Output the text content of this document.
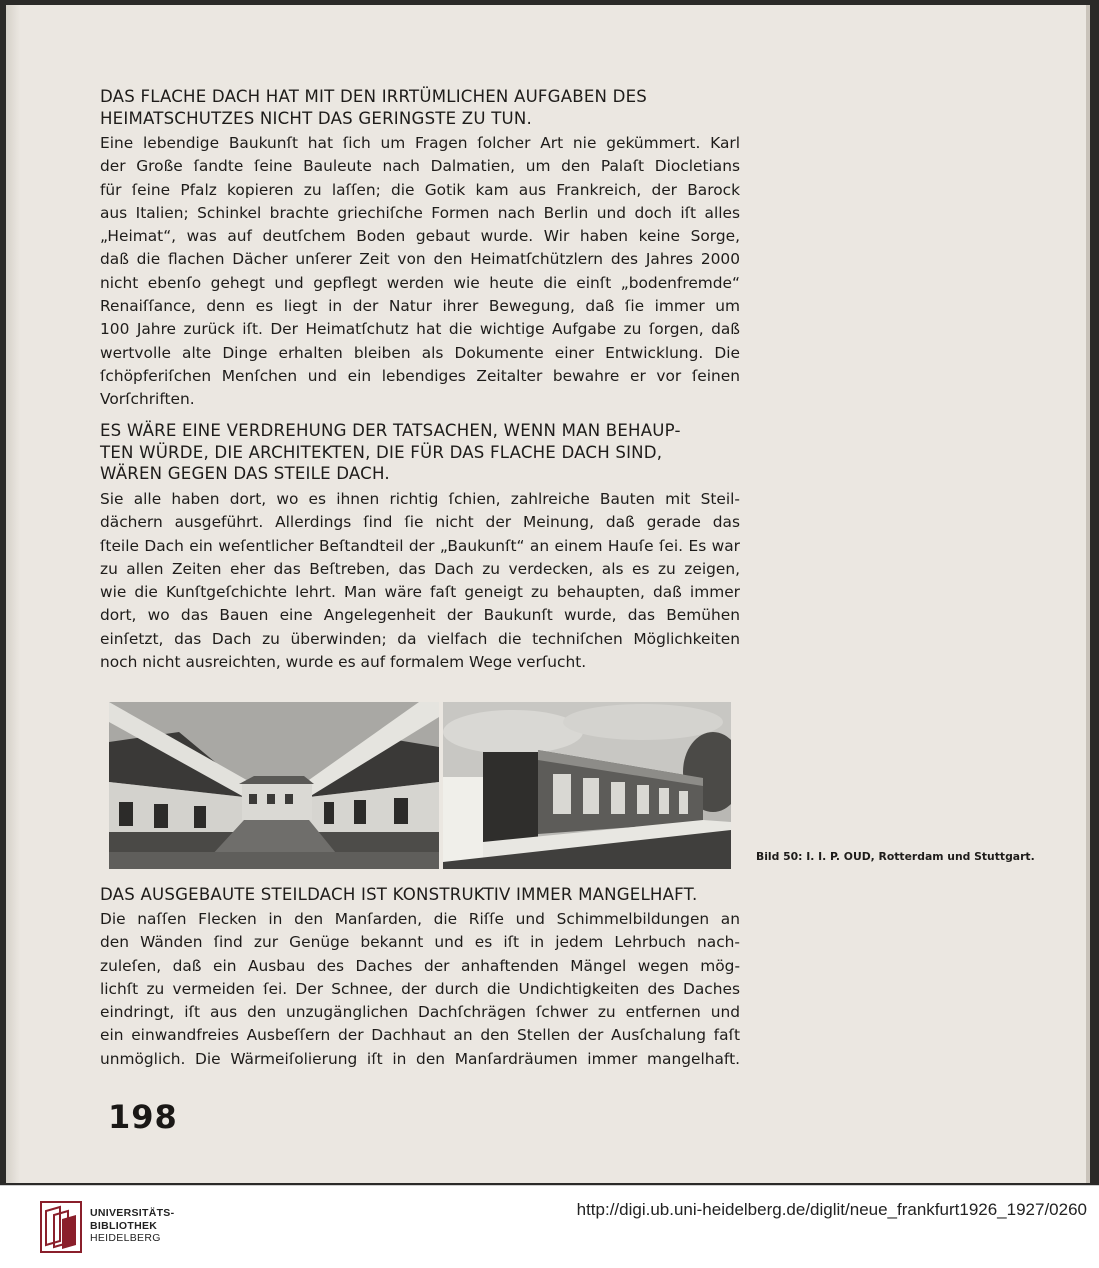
DAS FLACHE DACH HAT MIT DEN IRRTÜMLICHEN AUFGABEN DES
HEIMATSCHUTZES NICHT DAS GERINGSTE ZU TUN.
Eine lebendige Baukunſt hat ſich um Fragen ſolcher Art nie gekümmert. Karl
der Große ſandte ſeine Bauleute nach Dalmatien, um den Palaſt Diocletians
für ſeine Pfalz kopieren zu laſſen; die Gotik kam aus Frankreich, der Barock
aus Italien; Schinkel brachte griechiſche Formen nach Berlin und doch iſt alles
„Heimat“, was auf deutſchem Boden gebaut wurde. Wir haben keine Sorge,
daß die flachen Dächer unſerer Zeit von den Heimatſchützlern des Jahres 2000
nicht ebenſo gehegt und gepflegt werden wie heute die einſt „bodenfremde“
Renaiſſance, denn es liegt in der Natur ihrer Bewegung, daß ſie immer um
100 Jahre zurück iſt. Der Heimatſchutz hat die wichtige Aufgabe zu ſorgen, daß
wertvolle alte Dinge erhalten bleiben als Dokumente einer Entwicklung. Die
ſchöpferiſchen Menſchen und ein lebendiges Zeitalter bewahre er vor ſeinen
Vorſchriften.
ES WÄRE EINE VERDREHUNG DER TATSACHEN, WENN MAN BEHAUP-
TEN WÜRDE, DIE ARCHITEKTEN, DIE FÜR DAS FLACHE DACH SIND,
WÄREN GEGEN DAS STEILE DACH.
Sie alle haben dort, wo es ihnen richtig ſchien, zahlreiche Bauten mit Steil-
dächern ausgeführt. Allerdings ſind ſie nicht der Meinung, daß gerade das
ſteile Dach ein weſentlicher Beſtandteil der „Baukunſt“ an einem Hauſe ſei. Es war
zu allen Zeiten eher das Beſtreben, das Dach zu verdecken, als es zu zeigen,
wie die Kunſtgeſchichte lehrt. Man wäre faſt geneigt zu behaupten, daß immer
dort, wo das Bauen eine Angelegenheit der Baukunſt wurde, das Bemühen
einſetzt, das Dach zu überwinden; da vielfach die techniſchen Möglichkeiten
noch nicht ausreichten, wurde es auf formalem Wege verſucht.
Bild 50: I. I. P. OUD, Rotterdam und Stuttgart.
DAS AUSGEBAUTE STEILDACH IST KONSTRUKTIV IMMER MANGELHAFT.
Die naſſen Flecken in den Manſarden, die Riſſe und Schimmelbildungen an
den Wänden ſind zur Genüge bekannt und es iſt in jedem Lehrbuch nach-
zuleſen, daß ein Ausbau des Daches der anhaftenden Mängel wegen mög-
lichſt zu vermeiden ſei. Der Schnee, der durch die Undichtigkeiten des Daches
eindringt, iſt aus den unzugänglichen Dachſchrägen ſchwer zu entfernen und
ein einwandfreies Ausbeſſern der Dachhaut an den Stellen der Ausſchalung faſt
unmöglich. Die Wärmeiſolierung iſt in den Manſardräumen immer mangelhaft.
198
UNIVERSITÄTS-
BIBLIOTHEK
HEIDELBERG
http://digi.ub.uni-heidelberg.de/diglit/neue_frankfurt1926_1927/0260
